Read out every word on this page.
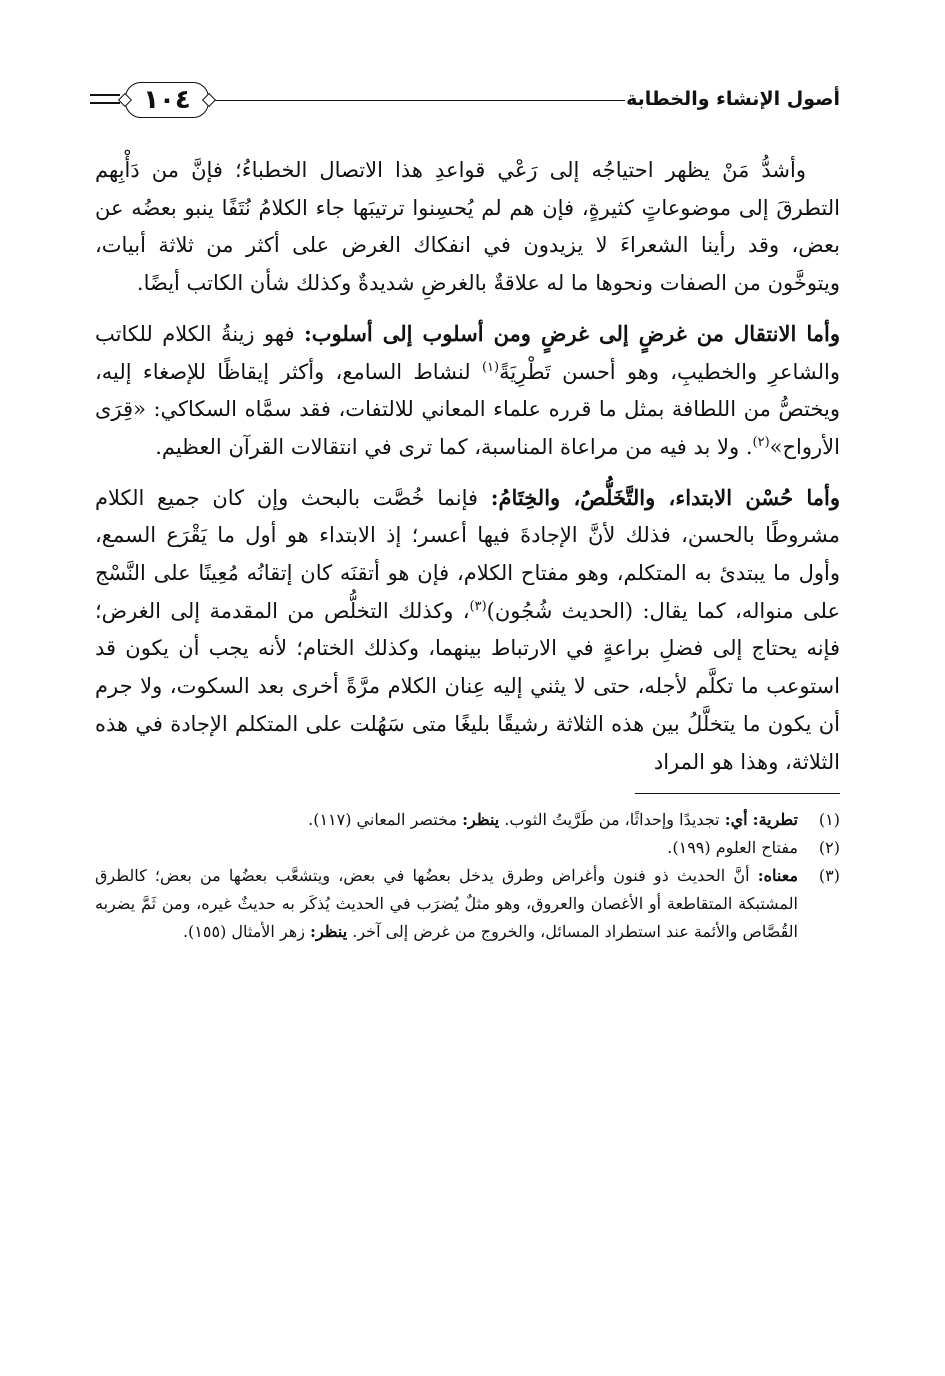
أصول الإنشاء والخطابة
١٠٤

وأشدُّ مَنْ يظهر احتياجُه إلى رَعْي قواعدِ هذا الاتصال الخطباءُ؛ فإنَّ من دَأْبِهم التطرقَ إلى موضوعاتٍ كثيرةٍ، فإن هم لم يُحسِنوا ترتيبَها جاء الكلامُ نُتَفًا ينبو بعضُه عن بعض، وقد رأينا الشعراءَ لا يزيدون في انفكاك الغرض على أكثر من ثلاثة أبيات، ويتوخَّون من الصفات ونحوها ما له علاقةٌ بالغرضِ شديدةٌ وكذلك شأن الكاتب أيضًا.

وأما الانتقال من غرضٍ إلى غرضٍ ومن أسلوب إلى أسلوب: فهو زينةُ الكلام للكاتب والشاعرِ والخطيبِ، وهو أحسن تَطْرِيَةً$^{(١)}$ لنشاط السامع، وأكثر إيقاظًا للإصغاء إليه، ويختصُّ من اللطافة بمثل ما قرره علماء المعاني للالتفات، فقد سمَّاه السكاكي: «قِرَى الأرواح»$^{(٢)}$. ولا بد فيه من مراعاة المناسبة، كما ترى في انتقالات القرآن العظيم.

وأما حُسْن الابتداء، والتَّخَلُّصُ، والخِتَامُ: فإنما خُصَّت بالبحث وإن كان جميع الكلام مشروطًا بالحسن، فذلك لأنَّ الإجادةَ فيها أعسر؛ إذ الابتداء هو أول ما يَقْرَع السمع، وأول ما يبتدئ به المتكلم، وهو مفتاح الكلام، فإن هو أتقنَه كان إتقانُه مُعِينًا على النَّسْج على منواله، كما يقال: (الحديث شُجُون)$^{(٣)}$، وكذلك التخلُّص من المقدمة إلى الغرض؛ فإنه يحتاج إلى فضلِ براعةٍ في الارتباط بينهما، وكذلك الختام؛ لأنه يجب أن يكون قد استوعب ما تكلَّم لأجله، حتى لا يثني إليه عِنان الكلام مرَّةً أخرى بعد السكوت، ولا جرم أن يكون ما يتخلَّلُ بين هذه الثلاثة رشيقًا بليغًا متى سَهُلت على المتكلم الإجادة في هذه الثلاثة، وهذا هو المراد

(١)
تطرية: أي: تجديدًا وإحداثًا، من طَرَّيتُ الثوب. ينظر: مختصر المعاني (١١٧).
(٢)
مفتاح العلوم (١٩٩).
(٣)
معناه: أنَّ الحديث ذو فنون وأغراض وطرق يدخل بعضُها في بعض، ويتشعَّب بعضُها من بعض؛ كالطرق المشتبكة المتقاطعة أو الأغصان والعروق، وهو مثلٌ يُضرَب في الحديث يُذكَر به حديثٌ غيره، ومن ثَمَّ يضربه القُصَّاص والأئمة عند استطراد المسائل، والخروج من غرض إلى آخر. ينظر: زهر الأمثال (١٥٥).
